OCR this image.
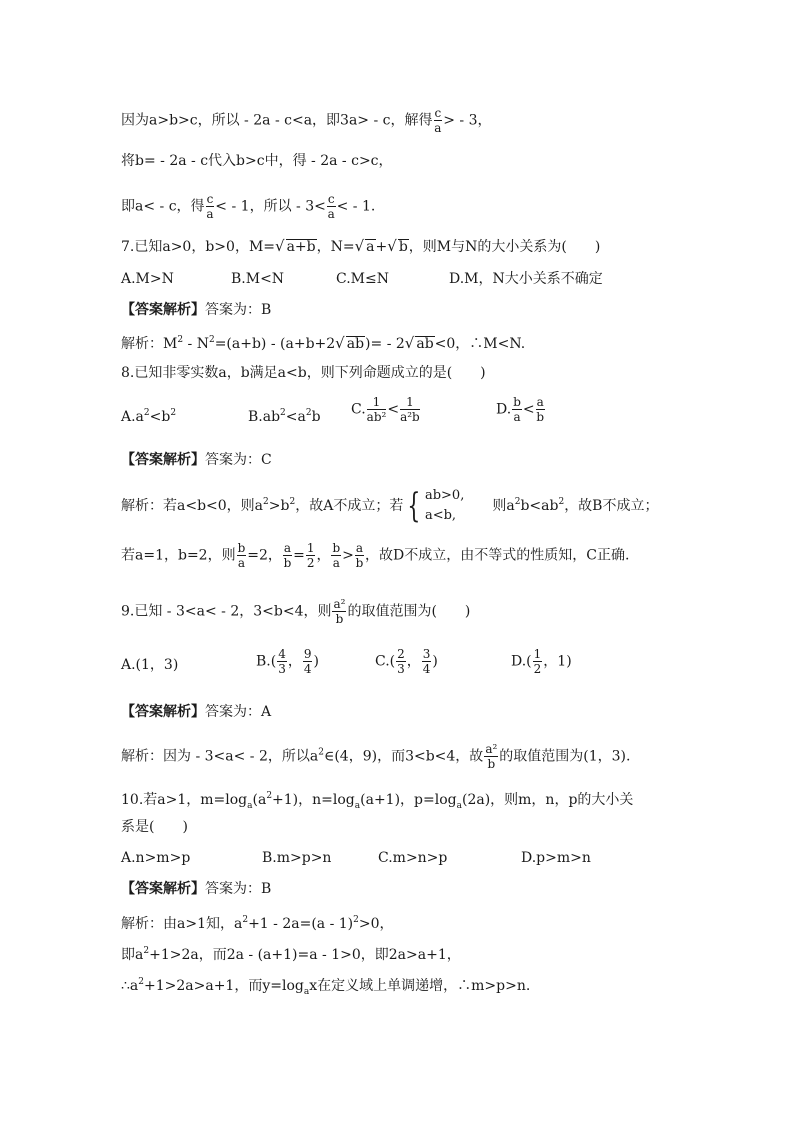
因为a>b>c，所以 - 2a - c<a，即3a> - c，解得 $\frac{c}{a}$ > - 3，
将b= - 2a - c代入b>c中，得 - 2a - c>c，
即a< - c，得 $\frac{c}{a}$ < - 1，所以 - $3< \frac{c}{a}$ < - 1.
7.已知a>0，b>0，M=√ a+b，N=√ a+√ b，则M与N的大小关系为(　　)
A.M>N	B.M<N	C.M≤N	D.M，N大小关系不确定
【答案解析】答案为：B
解析：$M^2 - N^2=(a+b) - (a+b+2√$ ab)= - 2√ ab<0，∴M<N.
8.已知非零实数a，b满足a<b，则下列命题成立的是(　　)
$A.a^2<b^2$	$B.ab^2<a^2b$ C. $\frac{1}{\text{ab²}} < \frac{1}{\text{a²b}}$	D. $\frac{b}{a} < \frac{a}{b}$
【答案解析】答案为：C
解析：若a<b<0，则$a^2>b^2$，故A不成立；若 { ab>0,
a<b,
则$a^2b<ab^2$，故B不成立；
若a=1，b=2，则 $\frac{b}{a} =2$， $\frac{a}{b} = \frac{1}{2}$ ， $\frac{b}{a} > \frac{a}{b}$ ，故D不成立，由不等式的性质知，C正确.
9.已知 - 3<a< - 2，3<b<4，则 $\frac{\text{a²}}{b}$ 的取值范围为(　　)
A.(1，3)	$B.( \frac{4}{3}$ ， $\frac{9}{4}$ )	$C.( \frac{2}{3}$ ， $\frac{3}{4}$ )	$D.( \frac{1}{2}$ ，1)
【答案解析】答案为：A
解析：因为 - 3<a< - 2，所以$a^2\in(4$，9)，而3<b<4，故 $\frac{\text{a²}}{b}$ 的取值范围为(1，3).
10.若a>1，$m=\log_a(a^2+1)$，$n=\log_a(a+1)$，$p=\log_a(2a)$，则m，n，p的大小关
系是(　　)
A.n>m>p	B.m>p>n	C.m>n>p	D.p>m>n
【答案解析】答案为：B
解析：由a>1知，$a^2+1 - 2a=(a - 1)^2>0$，
即$a^2+1>2a$，而2a - (a+1)=a - 1>0，即2a>a+1，
$\therefore a^2+1>2a>a+1$，而$y=\log_ax$在定义域上单调递增，∴m>p>n.
